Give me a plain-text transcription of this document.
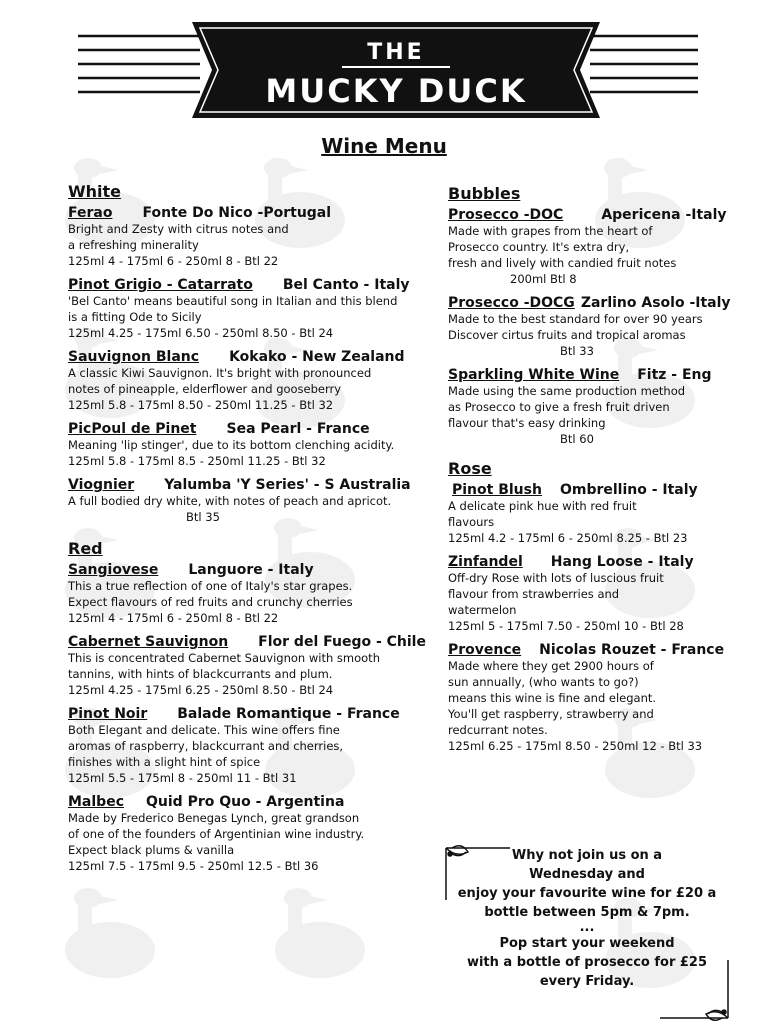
THE
MUCKY DUCK
Wine Menu
White
Ferao Fonte Do Nico -Portugal
Bright and Zesty with citrus notes and
a refreshing minerality
125ml 4 - 175ml 6 - 250ml 8 - Btl 22
Pinot Grigio - Catarrato Bel Canto - Italy
'Bel Canto' means beautiful song in Italian and this blend
is a fitting Ode to Sicily
125ml 4.25 - 175ml 6.50 - 250ml 8.50 - Btl 24
Sauvignon Blanc Kokako - New Zealand
A classic Kiwi Sauvignon. It's bright with pronounced
notes of pineapple, elderflower and gooseberry
125ml 5.8 - 175ml 8.50 - 250ml 11.25 - Btl 32
PicPoul de Pinet Sea Pearl - France
Meaning 'lip stinger', due to its bottom clenching acidity.
125ml 5.8 - 175ml 8.5 - 250ml 11.25 - Btl 32
Viognier Yalumba 'Y Series' - S Australia
A full bodied dry white, with notes of peach and apricot.
Btl 35
Red
Sangiovese Languore - Italy
This a true reflection of one of Italy's star grapes.
Expect flavours of red fruits and crunchy cherries
125ml 4 - 175ml 6 - 250ml 8 - Btl 22
Cabernet Sauvignon Flor del Fuego - Chile
This is concentrated Cabernet Sauvignon with smooth
tannins, with hints of blackcurrants and plum.
125ml 4.25 - 175ml 6.25 - 250ml 8.50 - Btl 24
Pinot Noir Balade Romantique - France
Both Elegant and delicate. This wine offers fine
aromas of raspberry, blackcurrant and cherries,
finishes with a slight hint of spice
125ml 5.5 - 175ml 8 - 250ml 11 - Btl 31
Malbec Quid Pro Quo - Argentina
Made by Frederico Benegas Lynch, great grandson
of one of the founders of Argentinian wine industry.
Expect black plums & vanilla
125ml 7.5 - 175ml 9.5 - 250ml 12.5 - Btl 36
Bubbles
Prosecco -DOC	Apericena -Italy
Made with grapes from the heart of
Prosecco country. It's extra dry,
fresh and lively with candied fruit notes
200ml Btl 8
Prosecco -DOCG Zarlino Asolo -Italy
Made to the best standard for over 90 years
Discover cirtus fruits and tropical aromas
Btl 33
Sparkling White Wine Fitz - Eng
Made using the same production method
as Prosecco to give a fresh fruit driven
flavour that's easy drinking
Btl 60
Rose
Pinot Blush Ombrellino - Italy
A delicate pink hue with red fruit
flavours
125ml 4.2 - 175ml 6 - 250ml 8.25 - Btl 23
Zinfandel Hang Loose - Italy
Off-dry Rose with lots of luscious fruit
flavour from strawberries and
watermelon
125ml 5 - 175ml 7.50 - 250ml 10 - Btl 28
Provence Nicolas Rouzet - France
Made where they get 2900 hours of
sun annually, (who wants to go?)
means this wine is fine and elegant.
You'll get raspberry, strawberry and
redcurrant notes.
125ml 6.25 - 175ml 8.50 - 250ml 12 - Btl 33
Why not join us on a
Wednesday and
enjoy your favourite wine for £20 a
bottle between 5pm & 7pm.
...
Pop start your weekend
with a bottle of prosecco for £25
every Friday.
